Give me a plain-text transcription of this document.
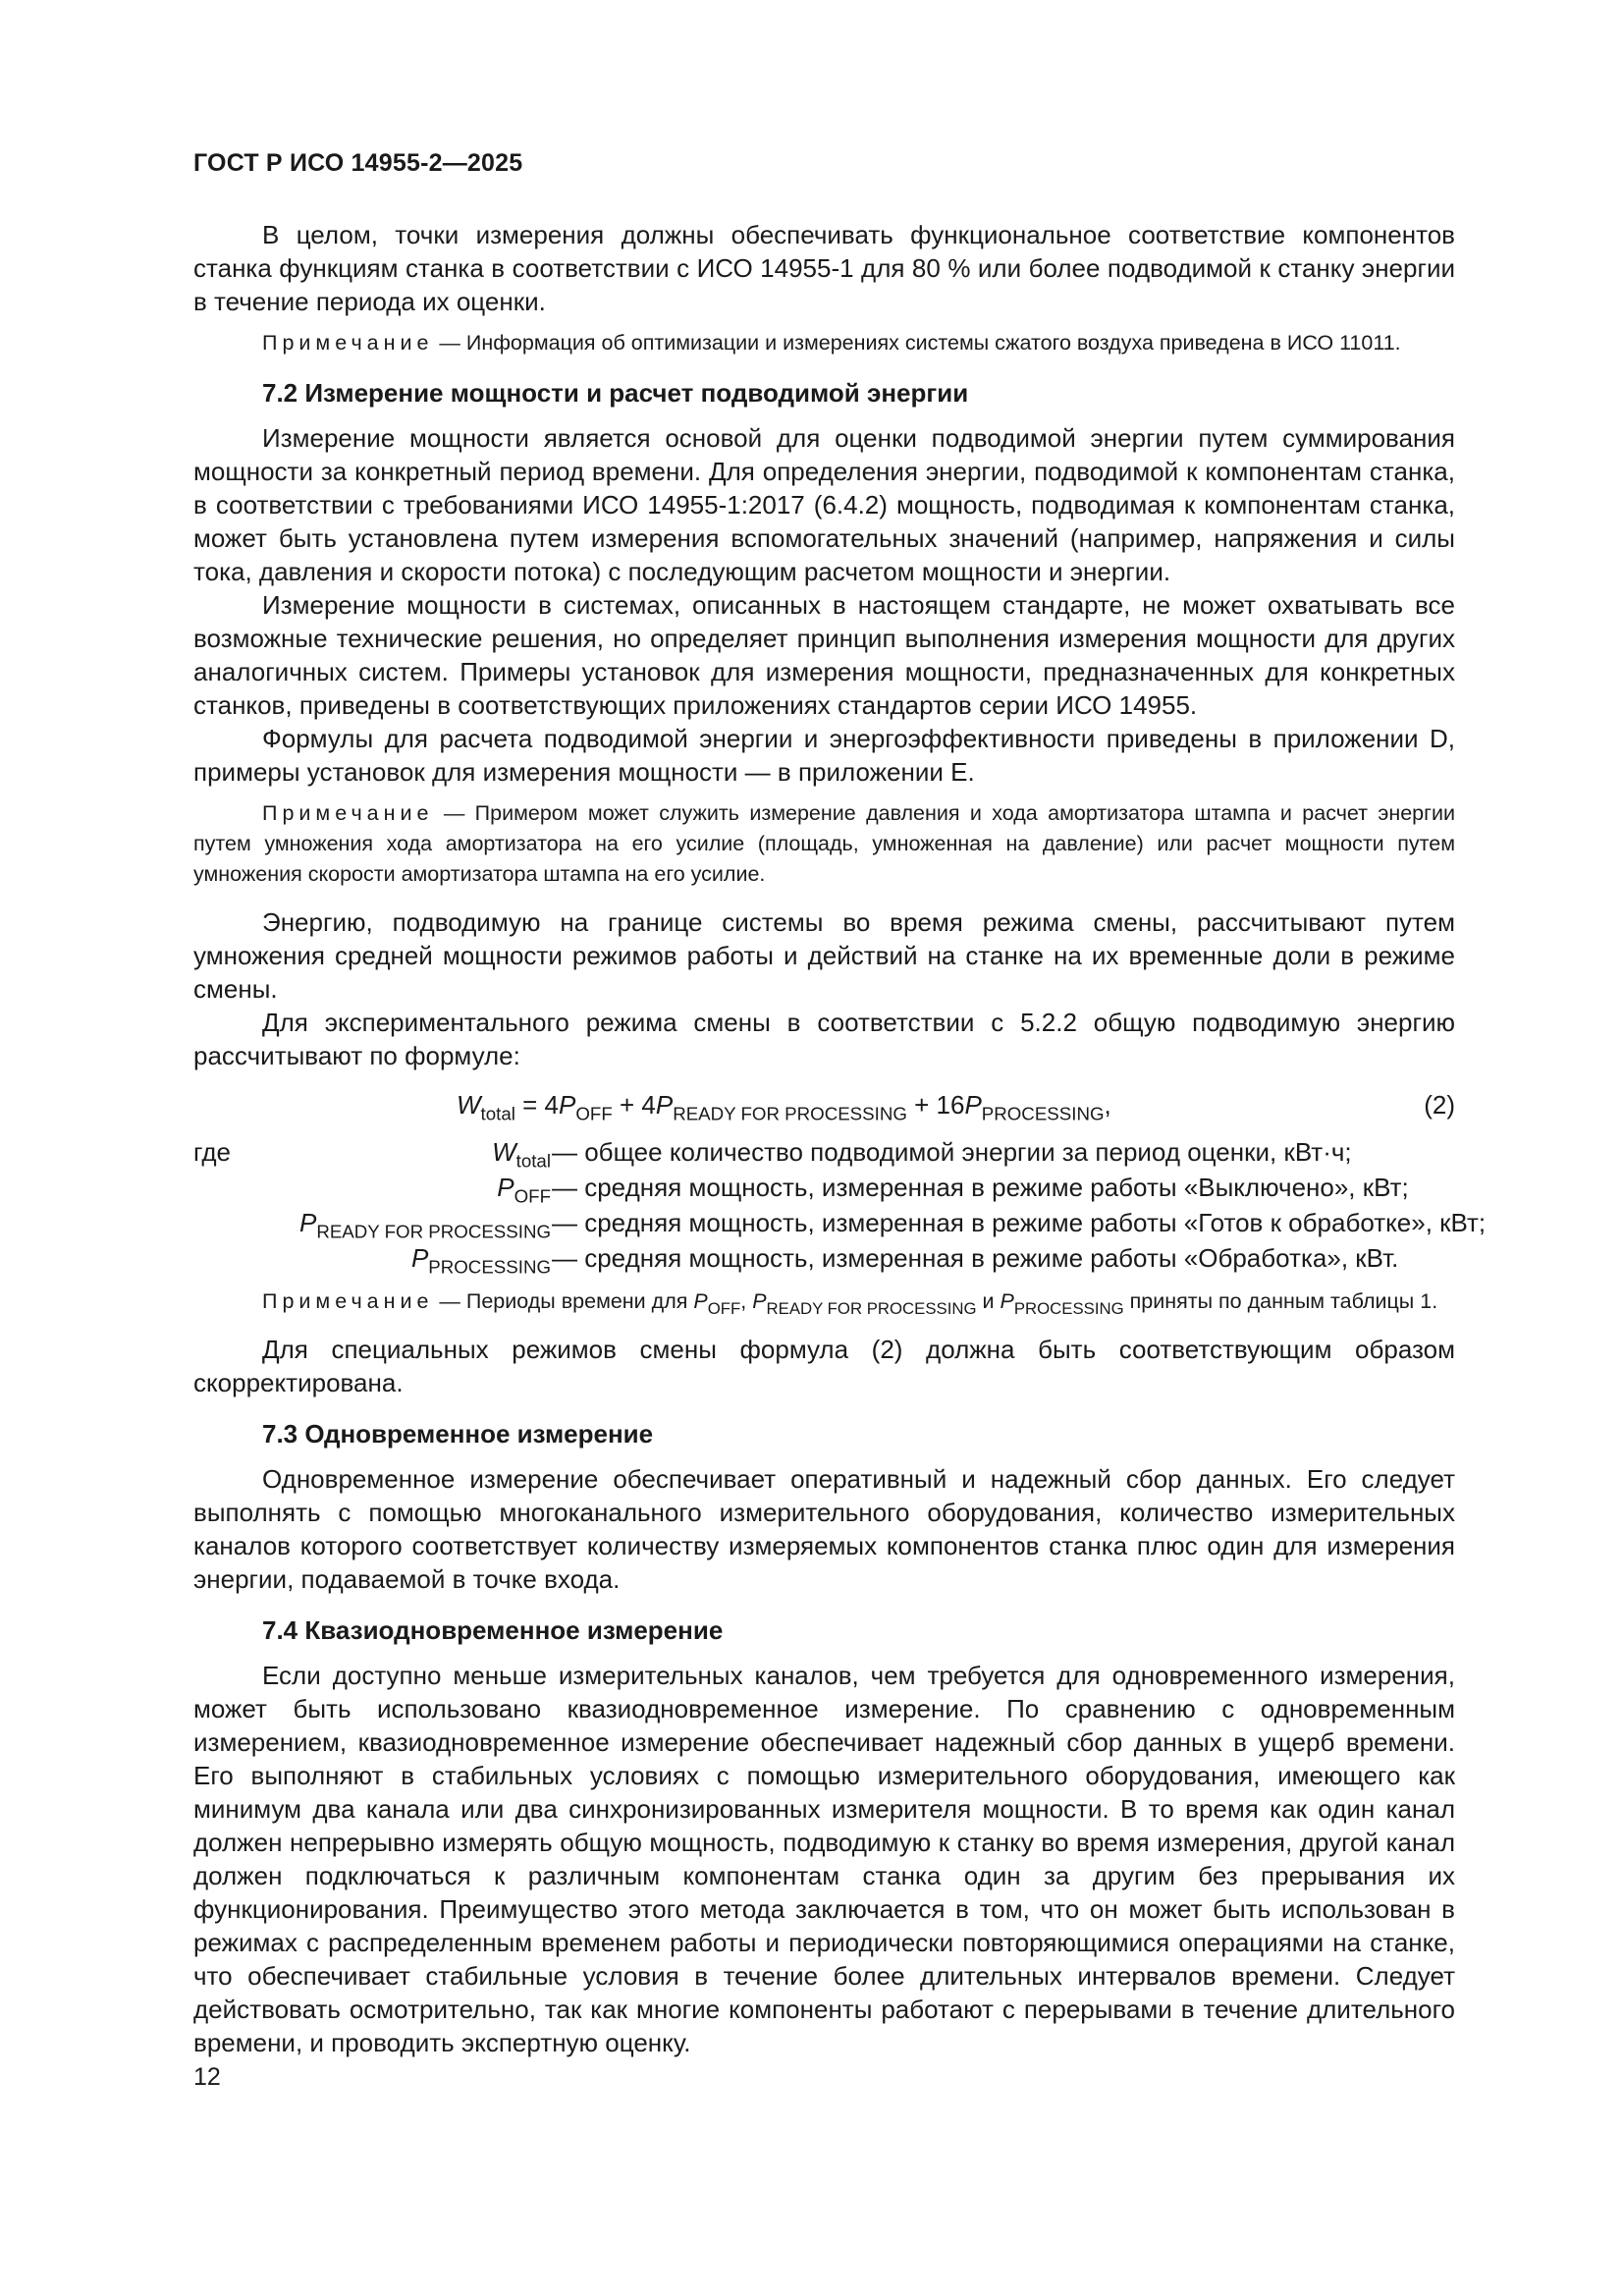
ГОСТ Р ИСО 14955-2—2025

В целом, точки измерения должны обеспечивать функциональное соответствие компонентов станка функциям станка в соответствии с ИСО 14955-1 для 80 % или более подводимой к станку энергии в течение периода их оценки.

Примечание — Информация об оптимизации и измерениях системы сжатого воздуха приведена в ИСО 11011.

7.2 Измерение мощности и расчет подводимой энергии

Измерение мощности является основой для оценки подводимой энергии путем суммирования мощности за конкретный период времени. Для определения энергии, подводимой к компонентам станка, в соответствии с требованиями ИСО 14955-1:2017 (6.4.2) мощность, подводимая к компонентам станка, может быть установлена путем измерения вспомогательных значений (например, напряжения и силы тока, давления и скорости потока) с последующим расчетом мощности и энергии.

Измерение мощности в системах, описанных в настоящем стандарте, не может охватывать все возможные технические решения, но определяет принцип выполнения измерения мощности для других аналогичных систем. Примеры установок для измерения мощности, предназначенных для конкретных станков, приведены в соответствующих приложениях стандартов серии ИСО 14955.

Формулы для расчета подводимой энергии и энергоэффективности приведены в приложении D, примеры установок для измерения мощности — в приложении Е.

Примечание — Примером может служить измерение давления и хода амортизатора штампа и расчет энергии путем умножения хода амортизатора на его усилие (площадь, умноженная на давление) или расчет мощности путем умножения скорости амортизатора штампа на его усилие.

Энергию, подводимую на границе системы во время режима смены, рассчитывают путем умножения средней мощности режимов работы и действий на станке на их временные доли в режиме смены.

Для экспериментального режима смены в соответствии с 5.2.2 общую подводимую энергию рассчитывают по формуле:

$W_{total} = 4P_{OFF} + 4P_{READY FOR PROCESSING} + 16P_{PROCESSING}$,	(2)
где	$W_{total}$ — общее количество подводимой энергии за период оценки, кВт·ч;
$P_{OFF}$ — средняя мощность, измеренная в режиме работы «Выключено», кВт;
$P_{READY FOR PROCESSING}$ — средняя мощность, измеренная в режиме работы «Готов к обработке», кВт;
$P_{PROCESSING}$ — средняя мощность, измеренная в режиме работы «Обработка», кВт.

Примечание — Периоды времени для $P_{OFF}$, $P_{READY FOR PROCESSING}$ и $P_{PROCESSING}$ приняты по данным таблицы 1.

Для специальных режимов смены формула (2) должна быть соответствующим образом скорректирована.

7.3 Одновременное измерение

Одновременное измерение обеспечивает оперативный и надежный сбор данных. Его следует выполнять с помощью многоканального измерительного оборудования, количество измерительных каналов которого соответствует количеству измеряемых компонентов станка плюс один для измерения энергии, подаваемой в точке входа.

7.4 Квазиодновременное измерение

Если доступно меньше измерительных каналов, чем требуется для одновременного измерения, может быть использовано квазиодновременное измерение. По сравнению с одновременным измерением, квазиодновременное измерение обеспечивает надежный сбор данных в ущерб времени. Его выполняют в стабильных условиях с помощью измерительного оборудования, имеющего как минимум два канала или два синхронизированных измерителя мощности. В то время как один канал должен непрерывно измерять общую мощность, подводимую к станку во время измерения, другой канал должен подключаться к различным компонентам станка один за другим без прерывания их функционирования. Преимущество этого метода заключается в том, что он может быть использован в режимах с распределенным временем работы и периодически повторяющимися операциями на станке, что обеспечивает стабильные условия в течение более длительных интервалов времени. Следует действовать осмотрительно, так как многие компоненты работают с перерывами в течение длительного времени, и проводить экспертную оценку.

12
